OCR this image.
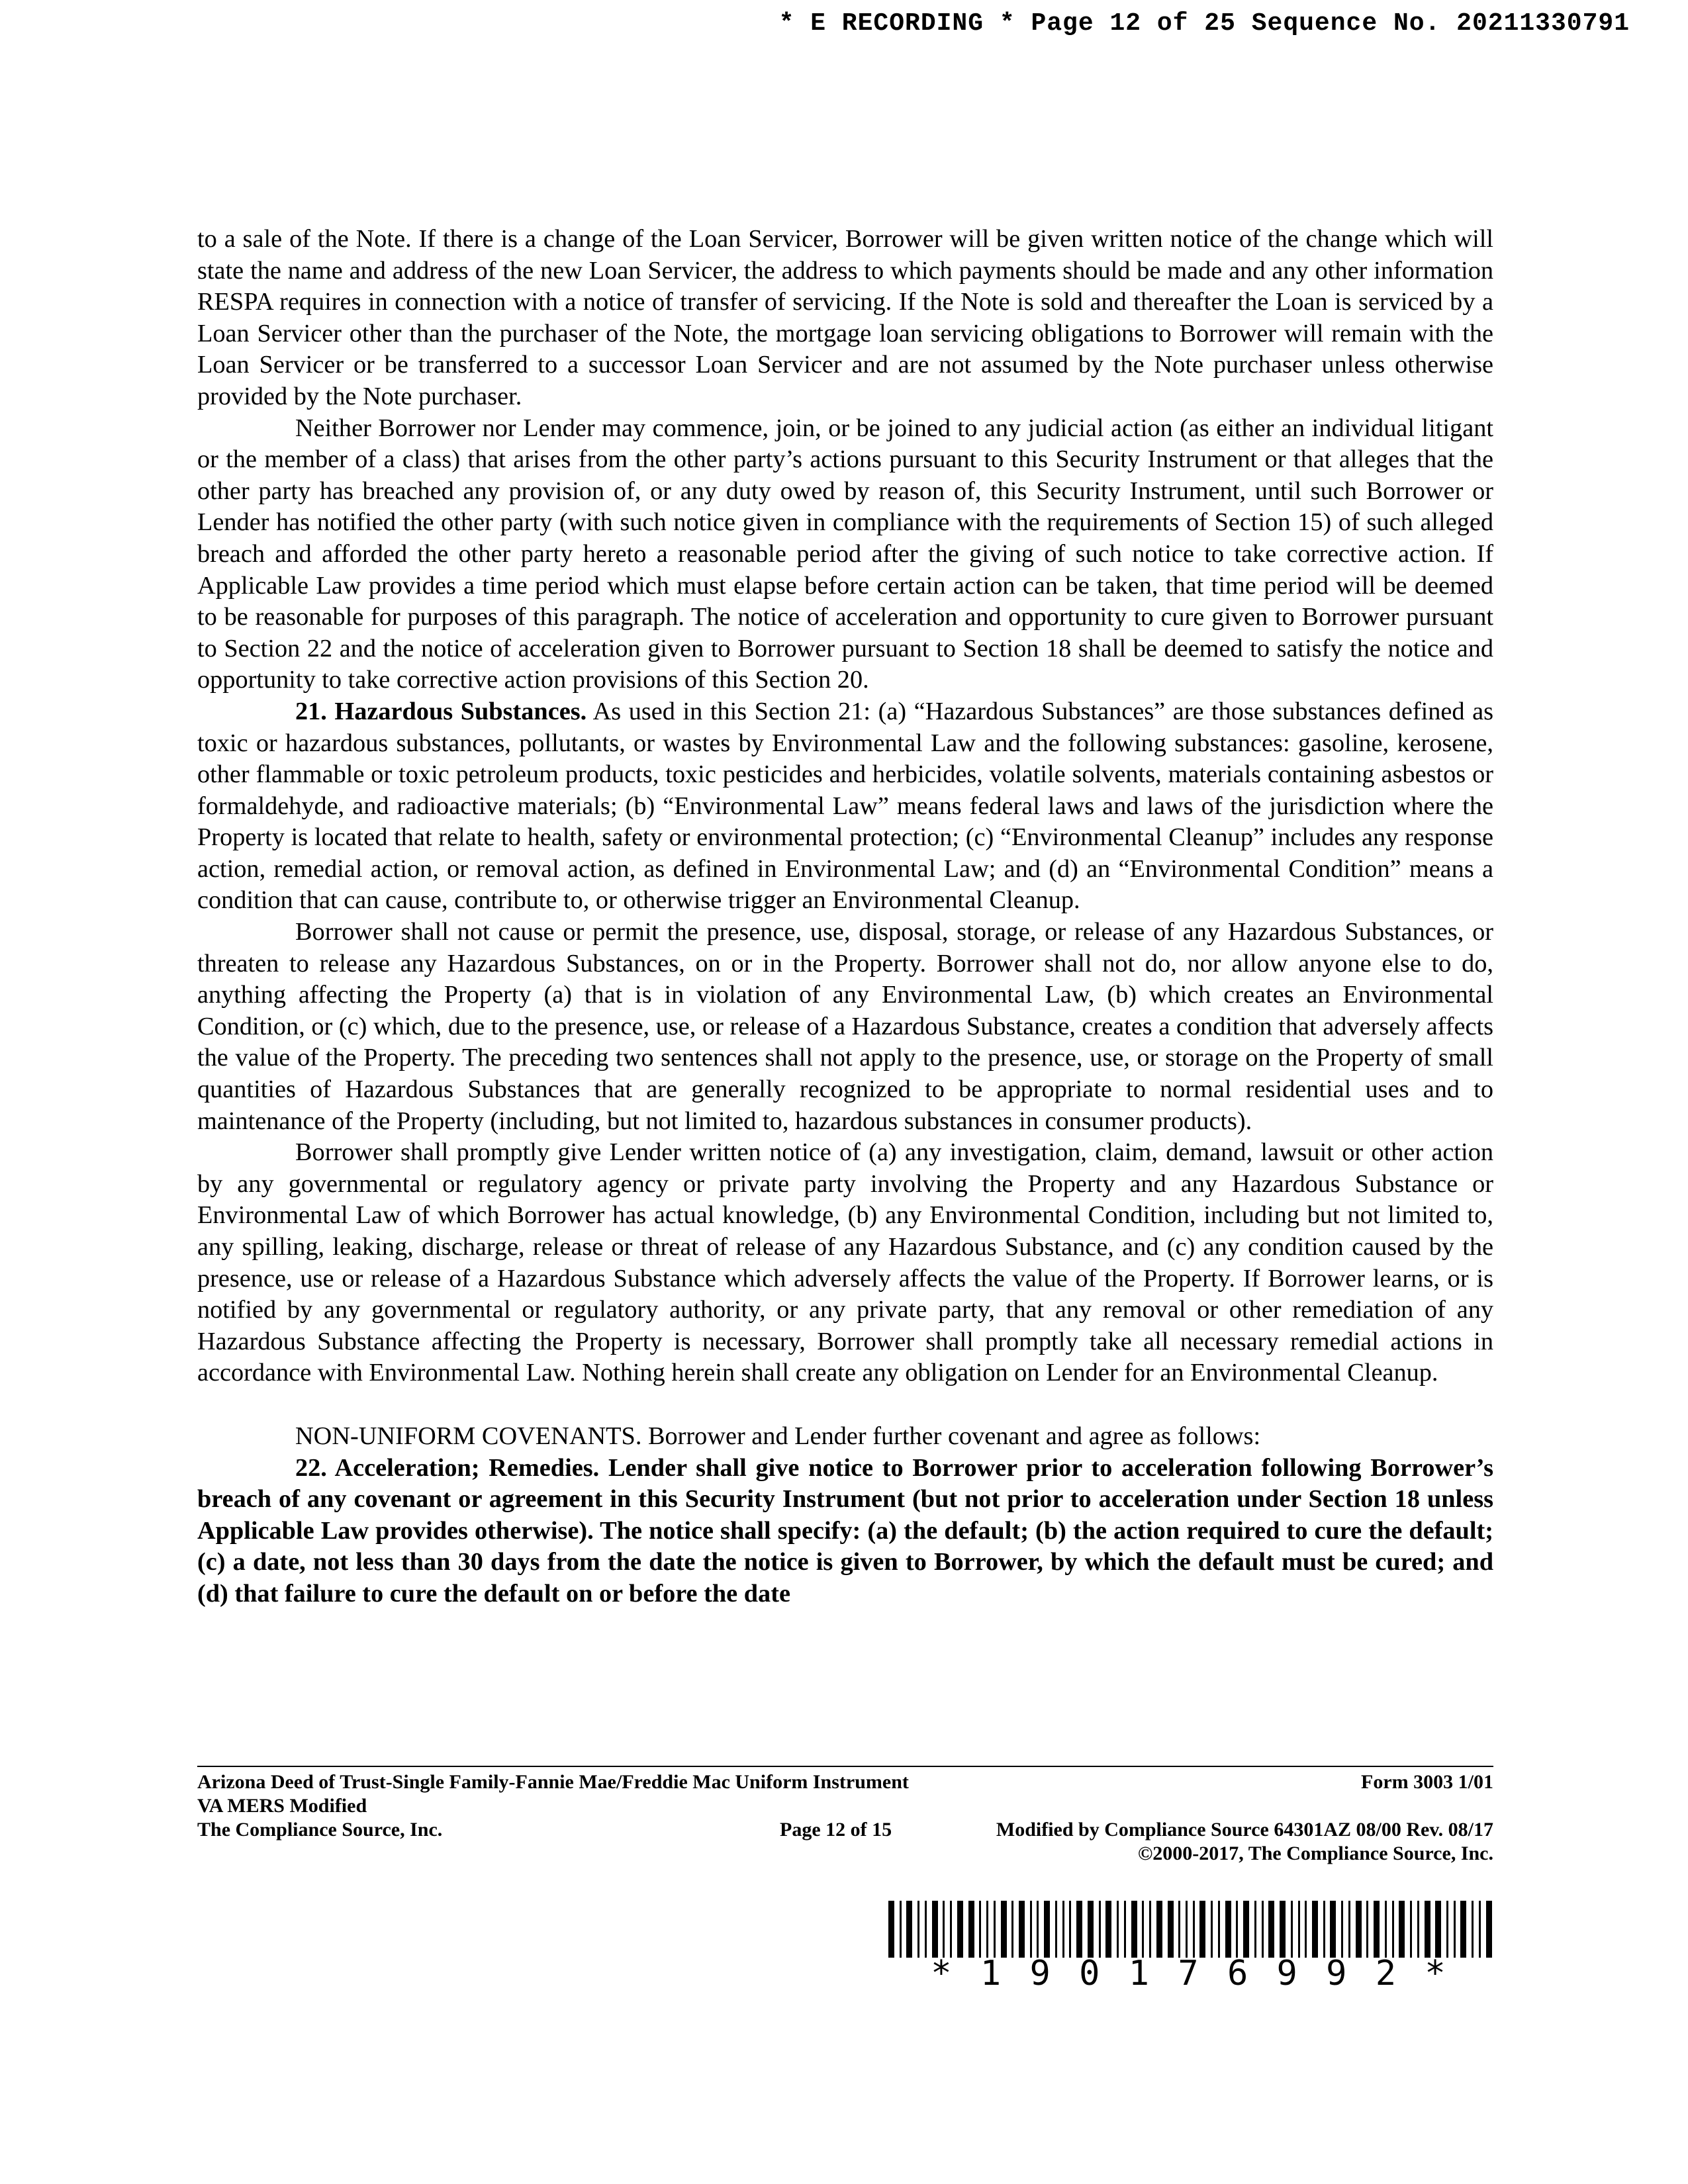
* E RECORDING * Page 12 of 25 Sequence No. 20211330791

to a sale of the Note. If there is a change of the Loan Servicer, Borrower will be given written notice of the change which will state the name and address of the new Loan Servicer, the address to which payments should be made and any other information RESPA requires in connection with a notice of transfer of servicing. If the Note is sold and thereafter the Loan is serviced by a Loan Servicer other than the purchaser of the Note, the mortgage loan servicing obligations to Borrower will remain with the Loan Servicer or be transferred to a successor Loan Servicer and are not assumed by the Note purchaser unless otherwise provided by the Note purchaser.

Neither Borrower nor Lender may commence, join, or be joined to any judicial action (as either an individual litigant or the member of a class) that arises from the other party’s actions pursuant to this Security Instrument or that alleges that the other party has breached any provision of, or any duty owed by reason of, this Security Instrument, until such Borrower or Lender has notified the other party (with such notice given in compliance with the requirements of Section 15) of such alleged breach and afforded the other party hereto a reasonable period after the giving of such notice to take corrective action. If Applicable Law provides a time period which must elapse before certain action can be taken, that time period will be deemed to be reasonable for purposes of this paragraph. The notice of acceleration and opportunity to cure given to Borrower pursuant to Section 22 and the notice of acceleration given to Borrower pursuant to Section 18 shall be deemed to satisfy the notice and opportunity to take corrective action provisions of this Section 20.

21. Hazardous Substances. As used in this Section 21: (a) “Hazardous Substances” are those substances defined as toxic or hazardous substances, pollutants, or wastes by Environmental Law and the following substances: gasoline, kerosene, other flammable or toxic petroleum products, toxic pesticides and herbicides, volatile solvents, materials containing asbestos or formaldehyde, and radioactive materials; (b) “Environmental Law” means federal laws and laws of the jurisdiction where the Property is located that relate to health, safety or environmental protection; (c) “Environmental Cleanup” includes any response action, remedial action, or removal action, as defined in Environmental Law; and (d) an “Environmental Condition” means a condition that can cause, contribute to, or otherwise trigger an Environmental Cleanup.

Borrower shall not cause or permit the presence, use, disposal, storage, or release of any Hazardous Substances, or threaten to release any Hazardous Substances, on or in the Property. Borrower shall not do, nor allow anyone else to do, anything affecting the Property (a) that is in violation of any Environmental Law, (b) which creates an Environmental Condition, or (c) which, due to the presence, use, or release of a Hazardous Substance, creates a condition that adversely affects the value of the Property. The preceding two sentences shall not apply to the presence, use, or storage on the Property of small quantities of Hazardous Substances that are generally recognized to be appropriate to normal residential uses and to maintenance of the Property (including, but not limited to, hazardous substances in consumer products).

Borrower shall promptly give Lender written notice of (a) any investigation, claim, demand, lawsuit or other action by any governmental or regulatory agency or private party involving the Property and any Hazardous Substance or Environmental Law of which Borrower has actual knowledge, (b) any Environmental Condition, including but not limited to, any spilling, leaking, discharge, release or threat of release of any Hazardous Substance, and (c) any condition caused by the presence, use or release of a Hazardous Substance which adversely affects the value of the Property. If Borrower learns, or is notified by any governmental or regulatory authority, or any private party, that any removal or other remediation of any Hazardous Substance affecting the Property is necessary, Borrower shall promptly take all necessary remedial actions in accordance with Environmental Law. Nothing herein shall create any obligation on Lender for an Environmental Cleanup.

NON-UNIFORM COVENANTS. Borrower and Lender further covenant and agree as follows:

22. Acceleration; Remedies. Lender shall give notice to Borrower prior to acceleration following Borrower’s breach of any covenant or agreement in this Security Instrument (but not prior to acceleration under Section 18 unless Applicable Law provides otherwise). The notice shall specify: (a) the default; (b) the action required to cure the default; (c) a date, not less than 30 days from the date the notice is given to Borrower, by which the default must be cured; and (d) that failure to cure the default on or before the date

Arizona Deed of Trust-Single Family-Fannie Mae/Freddie Mac Uniform Instrument	Form 3003 1/01
VA MERS Modified
The Compliance Source, Inc.	Page 12 of 15	Modified by Compliance Source 64301AZ 08/00 Rev. 08/17
©2000-2017, The Compliance Source, Inc.
* 1 9 0 1 7 6 9 9 2 *
